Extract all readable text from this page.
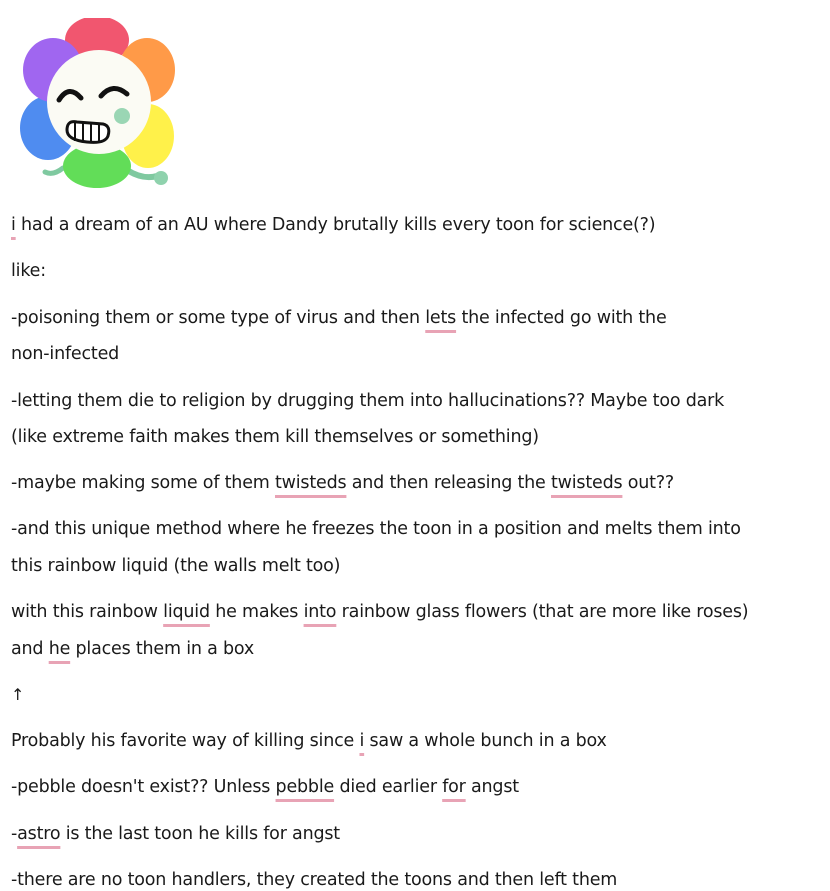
i had a dream of an AU where Dandy brutally kills every toon for science(?)
like:
-poisoning them or some type of virus and then lets the infected go with the
non-infected
-letting them die to religion by drugging them into hallucinations?? Maybe too dark
(like extreme faith makes them kill themselves or something)
-maybe making some of them twisteds and then releasing the twisteds out??
-and this unique method where he freezes the toon in a position and melts them into
this rainbow liquid (the walls melt too)
with this rainbow liquid he makes into rainbow glass flowers (that are more like roses)
and he places them in a box
↑
Probably his favorite way of killing since i saw a whole bunch in a box
-pebble doesn't exist?? Unless pebble died earlier for angst
-astro is the last toon he kills for angst
-there are no toon handlers, they created the toons and then left them
